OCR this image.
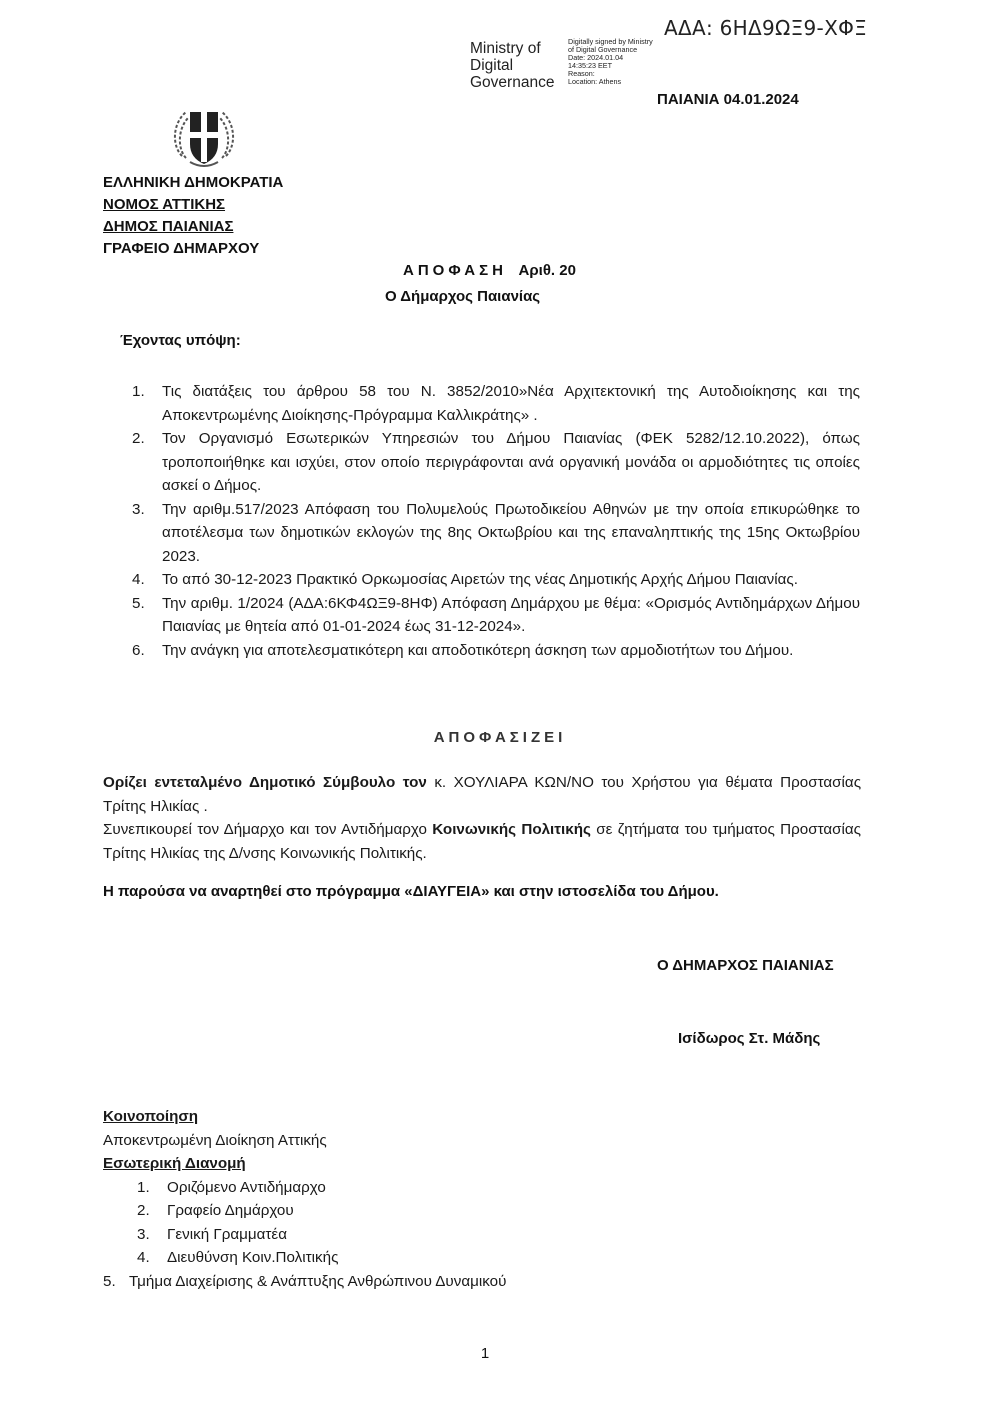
ΑΔΑ: 6ΗΔ9ΩΞ9-ΧΦΞ
Ministry of
Digital
Governance
Digitally signed by Ministry
of Digital Governance
Date: 2024.01.04
14:35:23 EET
Reason:
Location: Athens
ΠΑΙΑΝΙΑ 04.01.2024
ΕΛΛΗΝΙΚΗ ΔΗΜΟΚΡΑΤΙΑ
ΝΟΜΟΣ ΑΤΤΙΚΗΣ
ΔΗΜΟΣ ΠΑΙΑΝΙΑΣ
ΓΡΑΦΕΙΟ ΔΗΜΑΡΧΟΥ
ΑΠΟΦΑΣΗ Αριθ. 20
Ο Δήμαρχος Παιανίας
Έχοντας υπόψη:
1. Τις διατάξεις του άρθρου 58 του Ν. 3852/2010»Νέα Αρχιτεκτονική της Αυτοδιοίκησης και της Αποκεντρωμένης Διοίκησης-Πρόγραμμα Καλλικράτης» .
2. Τον Οργανισμό Εσωτερικών Υπηρεσιών του Δήμου Παιανίας (ΦΕΚ 5282/12.10.2022), όπως τροποποιήθηκε και ισχύει, στον οποίο περιγράφονται ανά οργανική μονάδα οι αρμοδιότητες τις οποίες ασκεί ο Δήμος.
3. Την αριθμ.517/2023 Απόφαση του Πολυμελούς Πρωτοδικείου Αθηνών με την οποία επικυρώθηκε το αποτέλεσμα των δημοτικών εκλογών της 8ης Οκτωβρίου και της επαναληπτικής της 15ης Οκτωβρίου 2023.
4. Το από 30-12-2023 Πρακτικό Ορκωμοσίας Αιρετών της νέας Δημοτικής Αρχής Δήμου Παιανίας.
5. Την αριθμ. 1/2024 (ΑΔΑ:6ΚΦ4ΩΞ9-8ΗΦ) Απόφαση Δημάρχου με θέμα: «Ορισμός Αντιδημάρχων Δήμου Παιανίας με θητεία από 01-01-2024 έως 31-12-2024».
6. Την ανάγκη για αποτελεσματικότερη και αποδοτικότερη άσκηση των αρμοδιοτήτων του Δήμου.
ΑΠΟΦΑΣΙΖΕΙ

Ορίζει εντεταλμένο Δημοτικό Σύμβουλο τον κ. ΧΟΥΛΙΑΡΑ ΚΩΝ/ΝΟ του Χρήστου για θέματα Προστασίας Τρίτης Ηλικίας .

Συνεπικουρεί τον Δήμαρχο και τον Αντιδήμαρχο Κοινωνικής Πολιτικής σε ζητήματα του τμήματος Προστασίας Τρίτης Ηλικίας της Δ/νσης Κοινωνικής Πολιτικής.

Η παρούσα να αναρτηθεί στο πρόγραμμα «ΔΙΑΥΓΕΙΑ» και στην ιστοσελίδα του Δήμου.
Ο ΔΗΜΑΡΧΟΣ ΠΑΙΑΝΙΑΣ
Ισίδωρος Στ. Μάδης
Κοινοποίηση
Αποκεντρωμένη Διοίκηση Αττικής
Εσωτερική Διανομή
1. Οριζόμενο Αντιδήμαρχο
2. Γραφείο Δημάρχου
3. Γενική Γραμματέα
4. Διευθύνση Κοιν.Πολιτικής
5. Τμήμα Διαχείρισης & Ανάπτυξης Ανθρώπινου Δυναμικού
1
